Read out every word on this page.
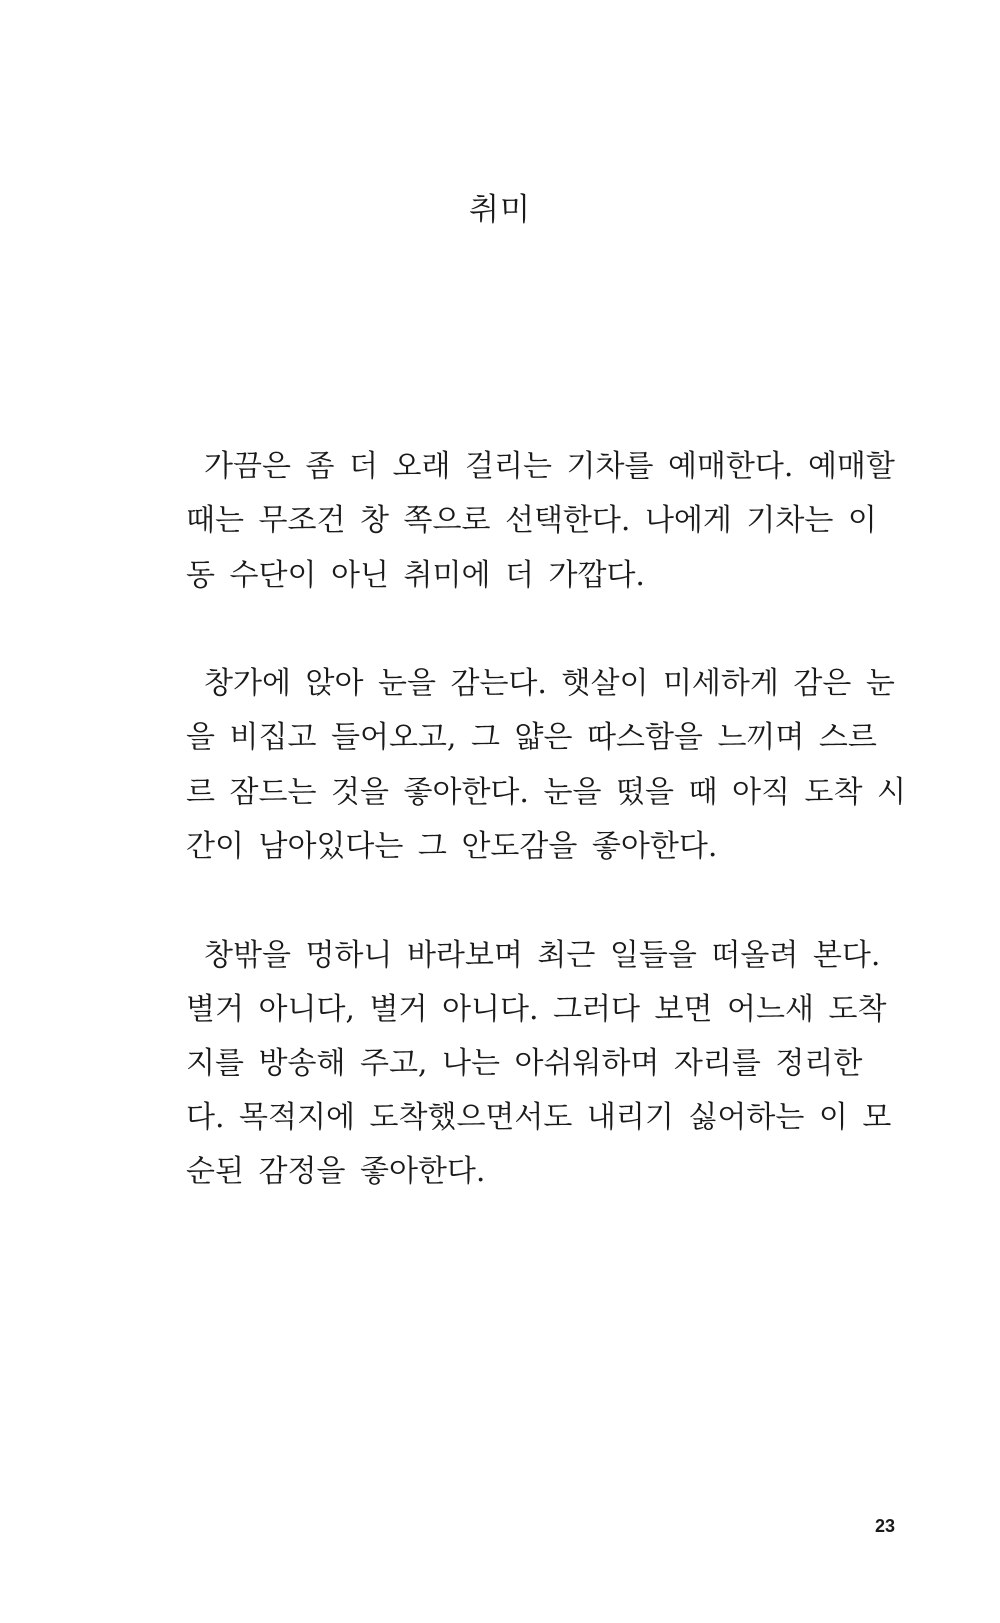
취미
가끔은 좀 더 오래 걸리는 기차를 예매한다. 예매할
때는 무조건 창 쪽으로 선택한다. 나에게 기차는 이
동 수단이 아닌 취미에 더 가깝다.
창가에 앉아 눈을 감는다. 햇살이 미세하게 감은 눈
을 비집고 들어오고, 그 얇은 따스함을 느끼며 스르
르 잠드는 것을 좋아한다. 눈을 떴을 때 아직 도착 시
간이 남아있다는 그 안도감을 좋아한다.
창밖을 멍하니 바라보며 최근 일들을 떠올려 본다.
별거 아니다, 별거 아니다. 그러다 보면 어느새 도착
지를 방송해 주고, 나는 아쉬워하며 자리를 정리한
다. 목적지에 도착했으면서도 내리기 싫어하는 이 모
순된 감정을 좋아한다.
23
